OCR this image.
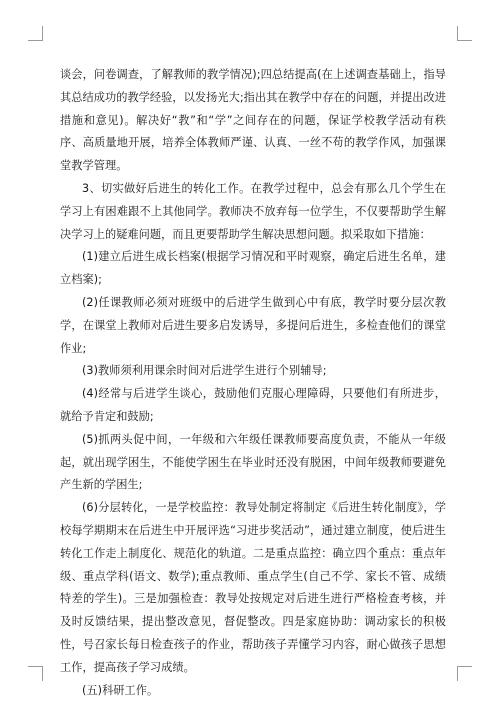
谈会，问卷调查，了解教师的教学情况);四总结提高(在上述调查基础上，指导其总结成功的教学经验，以发扬光大;指出其在教学中存在的问题，并提出改进措施和意见)。解决好“教”和“学”之间存在的问题，保证学校教学活动有秩序、高质量地开展，培养全体教师严谨、认真、一丝不苟的教学作风，加强课堂教学管理。

3、切实做好后进生的转化工作。在教学过程中，总会有那么几个学生在学习上有困难跟不上其他同学。教师决不放弃每一位学生，不仅要帮助学生解决学习上的疑难问题，而且更要帮助学生解决思想问题。拟采取如下措施：

(1)建立后进生成长档案(根据学习情况和平时观察，确定后进生名单，建立档案);

(2)任课教师必须对班级中的后进学生做到心中有底，教学时要分层次教学，在课堂上教师对后进生要多启发诱导，多提问后进生，多检查他们的课堂作业;

(3)教师须利用课余时间对后进学生进行个别辅导;

(4)经常与后进学生谈心，鼓励他们克服心理障碍，只要他们有所进步，就给予肯定和鼓励;

(5)抓两头促中间，一年级和六年级任课教师要高度负责，不能从一年级起，就出现学困生，不能使学困生在毕业时还没有脱困，中间年级教师要避免产生新的学困生;

(6)分层转化，一是学校监控：教导处制定将制定《后进生转化制度》，学校每学期期末在后进生中开展评选“习进步奖活动”，通过建立制度，使后进生转化工作走上制度化、规范化的轨道。二是重点监控：确立四个重点：重点年级、重点学科(语文、数学);重点教师、重点学生(自己不学、家长不管、成绩特差的学生)。三是加强检查：教导处按规定对后进生进行严格检查考核，并及时反馈结果，提出整改意见，督促整改。四是家庭协助：调动家长的积极性，号召家长每日检查孩子的作业，帮助孩子弄懂学习内容，耐心做孩子思想工作，提高孩子学习成绩。

(五)科研工作。
